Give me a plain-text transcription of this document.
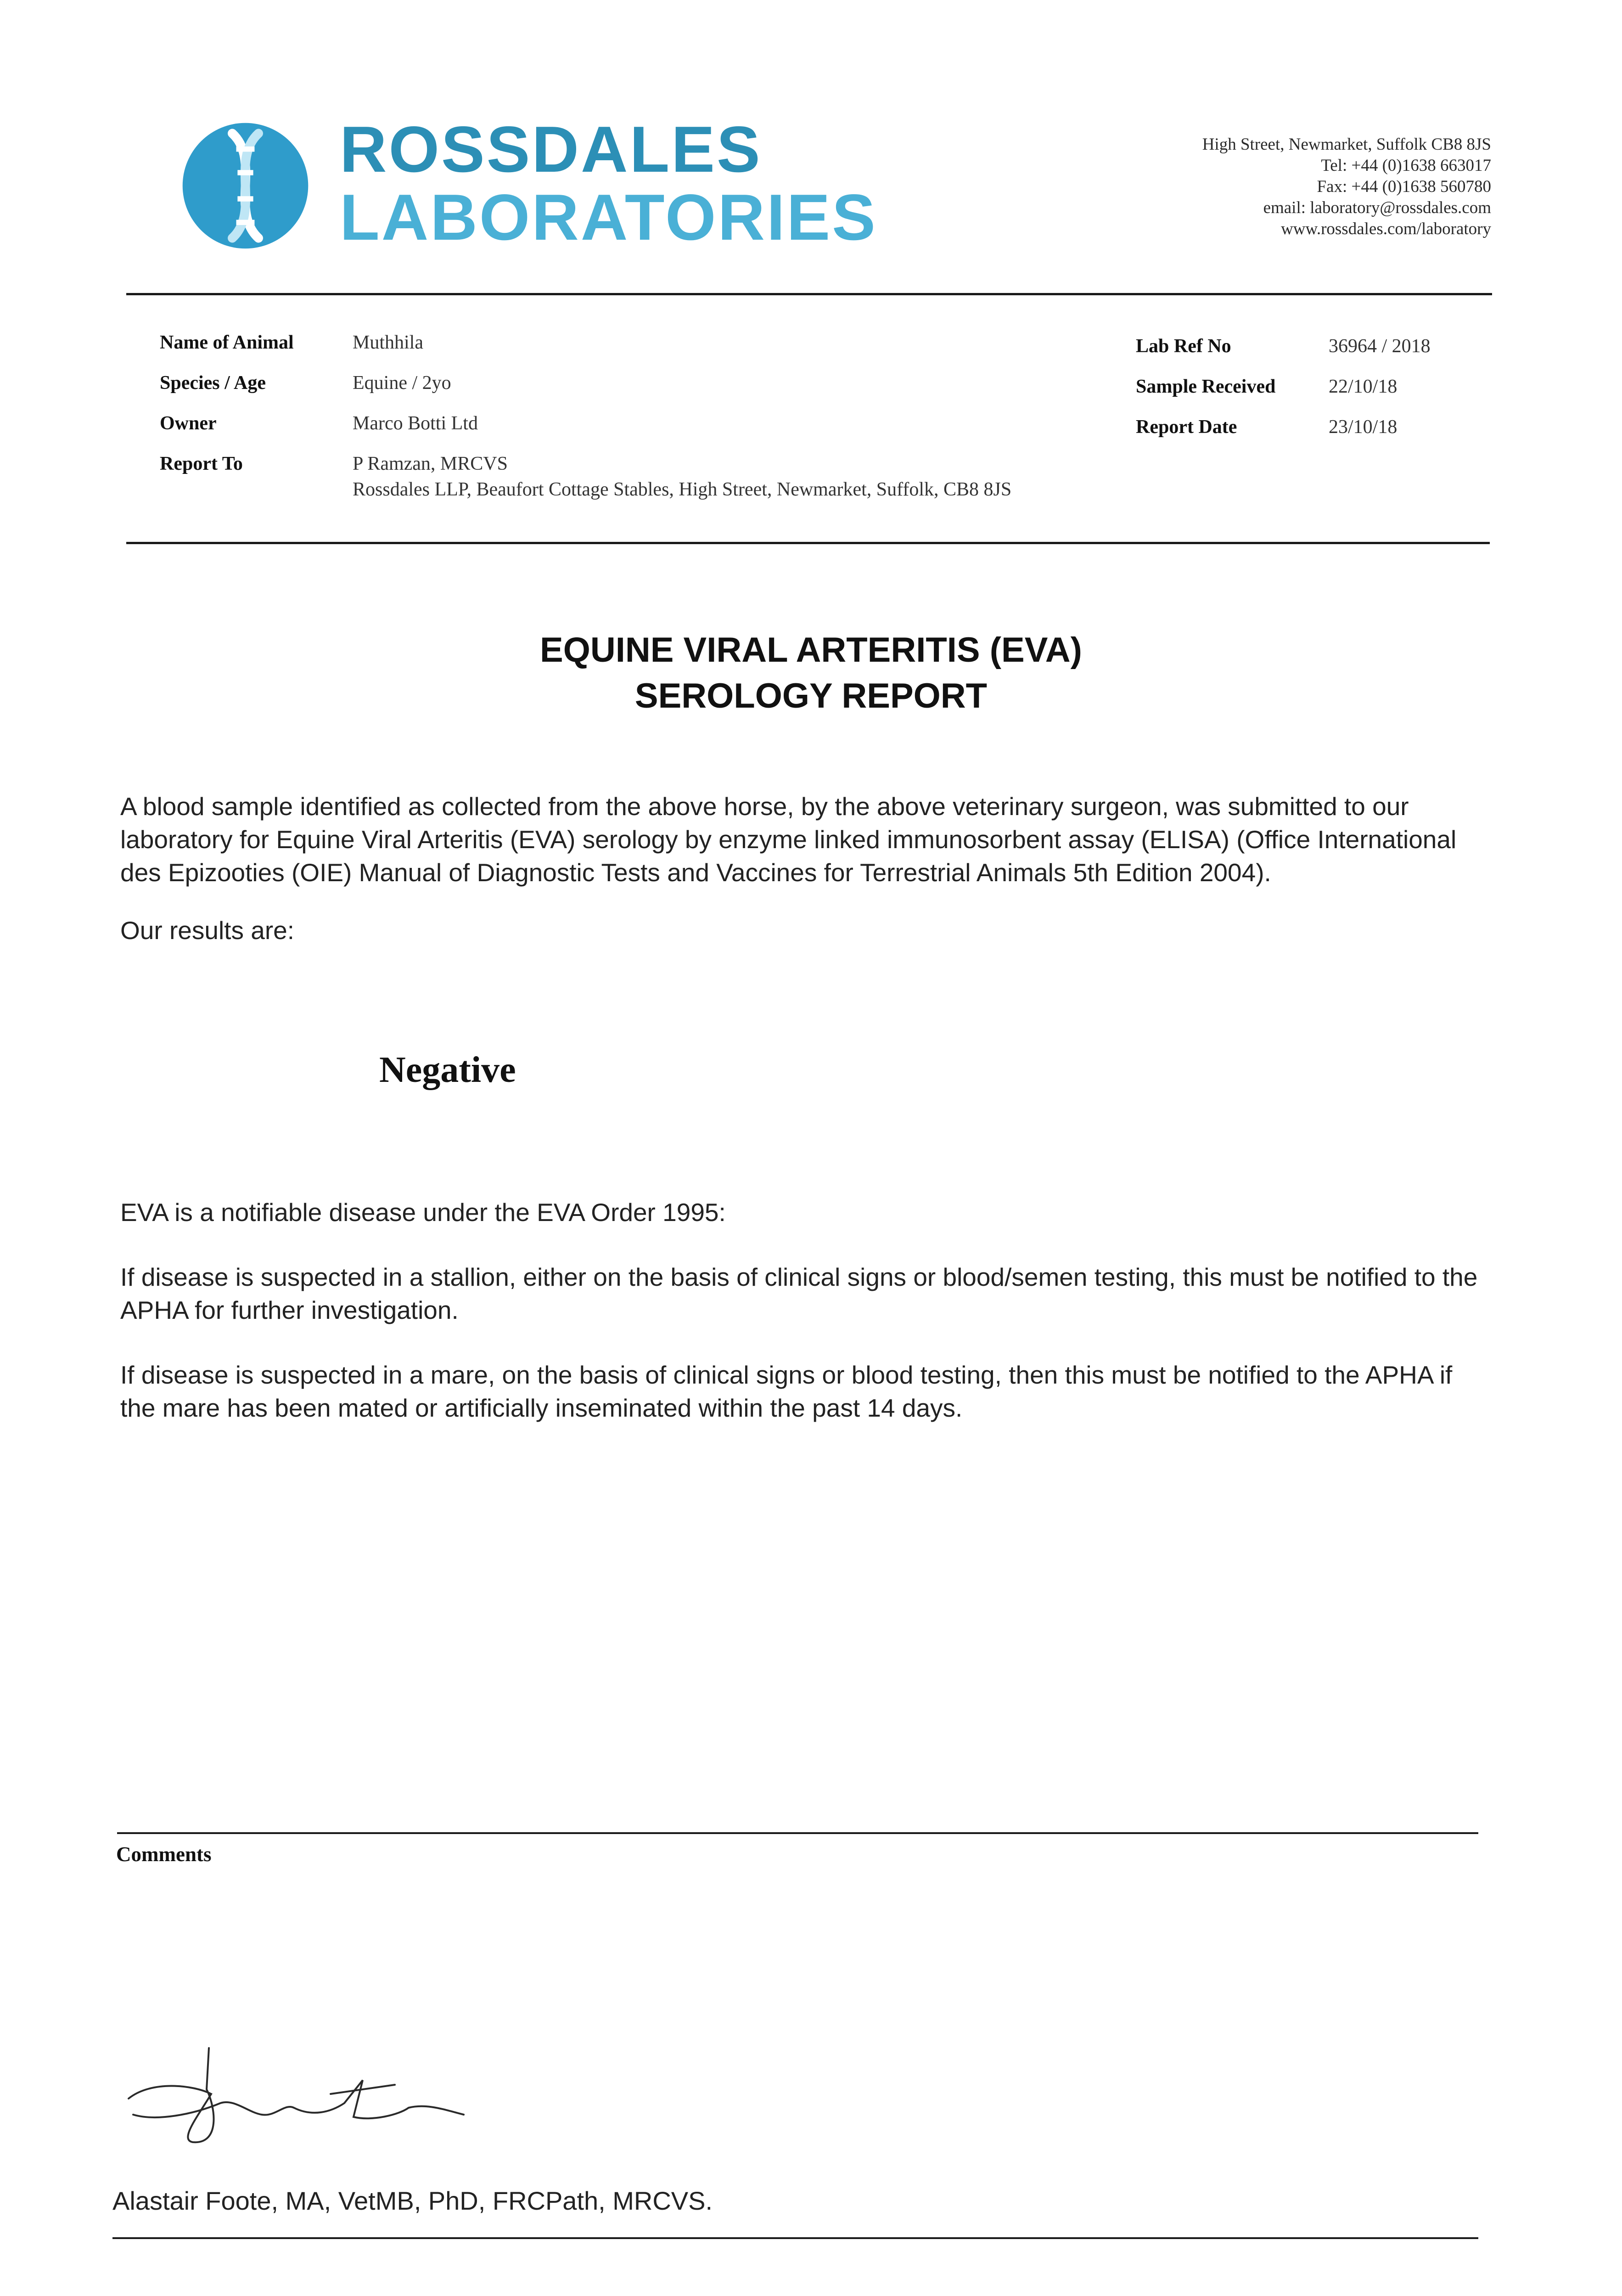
ROSSDALES
LABORATORIES
High Street, Newmarket, Suffolk CB8 8JS
Tel: +44 (0)1638 663017
Fax: +44 (0)1638 560780
email: laboratory@rossdales.com
www.rossdales.com/laboratory
Name of Animal	Muthhila
Species / Age	Equine / 2yo
Owner	Marco Botti Ltd
Report To	P Ramzan, MRCVS
Rossdales LLP, Beaufort Cottage Stables, High Street, Newmarket, Suffolk, CB8 8JS
Lab Ref No	36964 / 2018
Sample Received	22/10/18
Report Date	23/10/18
EQUINE VIRAL ARTERITIS (EVA)
SEROLOGY REPORT
A blood sample identified as collected from the above horse, by the above veterinary surgeon, was submitted to our laboratory for Equine Viral Arteritis (EVA) serology by enzyme linked immunosorbent assay (ELISA) (Office International des Epizooties (OIE) Manual of Diagnostic Tests and Vaccines for Terrestrial Animals 5th Edition 2004).
Our results are:
Negative
EVA is a notifiable disease under the EVA Order 1995:
If disease is suspected in a stallion, either on the basis of clinical signs or blood/semen testing, this must be notified to the APHA for further investigation.
If disease is suspected in a mare, on the basis of clinical signs or blood testing, then this must be notified to the APHA if the mare has been mated or artificially inseminated within the past 14 days.
Comments
Alastair Foote, MA, VetMB, PhD, FRCPath, MRCVS.
